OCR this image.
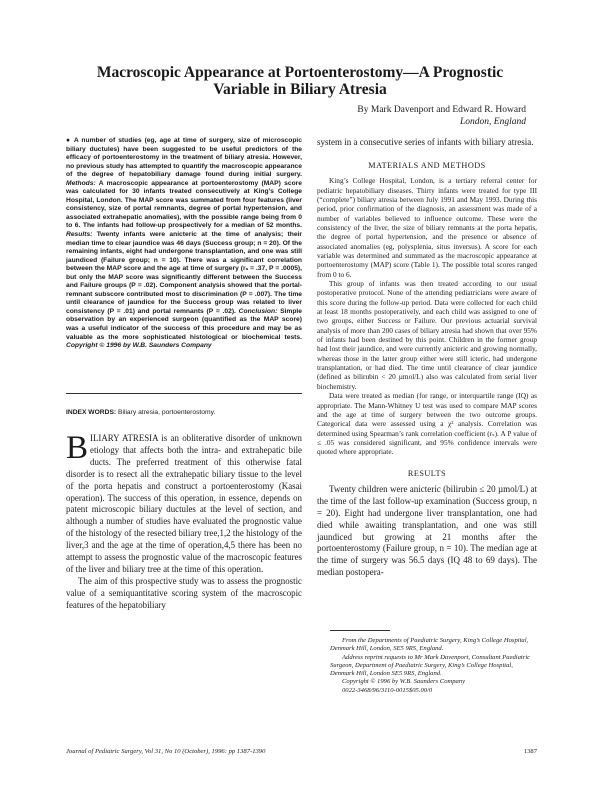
Macroscopic Appearance at Portoenterostomy—A Prognostic
Variable in Biliary Atresia
By Mark Davenport and Edward R. Howard
London, England

● A number of studies (eg, age at time of surgery, size of microscopic biliary ductules) have been suggested to be useful predictors of the efficacy of portoenterostomy in the treatment of biliary atresia. However, no previous study has attempted to quantify the macroscopic appearance of the degree of hepatobiliary damage found during initial surgery. Methods: A macroscopic appearance at portoenterostomy (MAP) score was calculated for 30 infants treated consecutively at King’s College Hospital, London. The MAP score was summated from four features (liver consistency, size of portal remnants, degree of portal hypertension, and associated extrahepatic anomalies), with the possible range being from 0 to 6. The infants had follow-up prospectively for a median of 52 months. Results: Twenty infants were anicteric at the time of analysis; their median time to clear jaundice was 46 days (Success group; n = 20). Of the remaining infants, eight had undergone transplantation, and one was still jaundiced (Failure group; n = 10). There was a significant correlation between the MAP score and the age at time of surgery (rₛ = .37, P = .0005), but only the MAP score was significantly different between the Success and Failure groups (P = .02). Component analysis showed that the portal-remnant subscore contributed most to discrimination (P = .007). The time until clearance of jaundice for the Success group was related to liver consistency (P = .01) and portal remnants (P = .02). Conclusion: Simple observation by an experienced surgeon (quantified as the MAP score) was a useful indicator of the success of this procedure and may be as valuable as the more sophisticated histological or biochemical tests. Copyright © 1996 by W.B. Saunders Company

INDEX WORDS: Biliary atresia, portoenterostomy.

BILIARY ATRESIA is an obliterative disorder of unknown etiology that affects both the intra- and extrahepatic bile ducts. The preferred treatment of this otherwise fatal disorder is to resect all the extrahepatic biliary tissue to the level of the porta hepatis and construct a portoenterostomy (Kasai operation). The success of this operation, in essence, depends on patent microscopic biliary ductules at the level of section, and although a number of studies have evaluated the prognostic value of the histology of the resected biliary tree,1,2 the histology of the liver,3 and the age at the time of operation,4,5 there has been no attempt to assess the prognostic value of the macroscopic features of the liver and biliary tree at the time of this operation.

The aim of this prospective study was to assess the prognostic value of a semiquantitative scoring system of the macroscopic features of the hepatobiliary

system in a consecutive series of infants with biliary atresia.

MATERIALS AND METHODS

King’s College Hospital, London, is a tertiary referral center for pediatric hepatobiliary diseases. Thirty infants were treated for type III (“complete”) biliary atresia between July 1991 and May 1993. During this period, prior confirmation of the diagnosis, an assessment was made of a number of variables believed to influence outcome. These were the consistency of the liver, the size of biliary remnants at the porta hepatis, the degree of portal hypertension, and the presence or absence of associated anomalies (eg, polysplenia, situs inversus). A score for each variable was determined and summated as the macroscopic appearance at portoenterostomy (MAP) score (Table 1). The possible total scores ranged from 0 to 6.

This group of infants was then treated according to our usual postoperative protocol. None of the attending pediatricians were aware of this score during the follow-up period. Data were collected for each child at least 18 months postoperatively, and each child was assigned to one of two groups, either Success or Failure. Our previous actuarial survival analysis of more than 200 cases of biliary atresia had shown that over 95% of infants had been destined by this point. Children in the former group had lost their jaundice, and were currently anicteric and growing normally, whereas those in the latter group either were still icteric, had undergone transplantation, or had died. The time until clearance of clear jaundice (defined as bilirubin < 20 µmol/L) also was calculated from serial liver biochemistry.

Data were treated as median (for range, or interquartile range (IQ) as appropriate. The Mann-Whitney U test was used to compare MAP scores and the age at time of surgery between the two outcome groups. Categorical data were assessed using a χ² analysis. Correlation was determined using Spearman’s rank correlation coefficient (rₛ). A P value of ≤ .05 was considered significant, and 95% confidence intervals were quoted where appropriate.

RESULTS

Twenty children were anicteric (bilirubin ≤ 20 µmol/L) at the time of the last follow-up examination (Success group, n = 20). Eight had undergone liver transplantation, one had died while awaiting transplantation, and one was still jaundiced but growing at 21 months after the portoenterostomy (Failure group, n = 10). The median age at the time of surgery was 56.5 days (IQ 48 to 69 days). The median postopera-

From the Departments of Paediatric Surgery, King’s College Hospital, Denmark Hill, London, SE5 9RS, England.

Address reprint requests to Mr Mark Davenport, Consultant Paediatric Surgeon, Department of Paediatric Surgery, King’s College Hospital, Denmark Hill, London SE5 9RS, England.

Copyright © 1996 by W.B. Saunders Company

0022-3468/96/3110-0015$05.00/0

Journal of Pediatric Surgery, Vol 31, No 10 (October), 1996: pp 1387-1390	1387
